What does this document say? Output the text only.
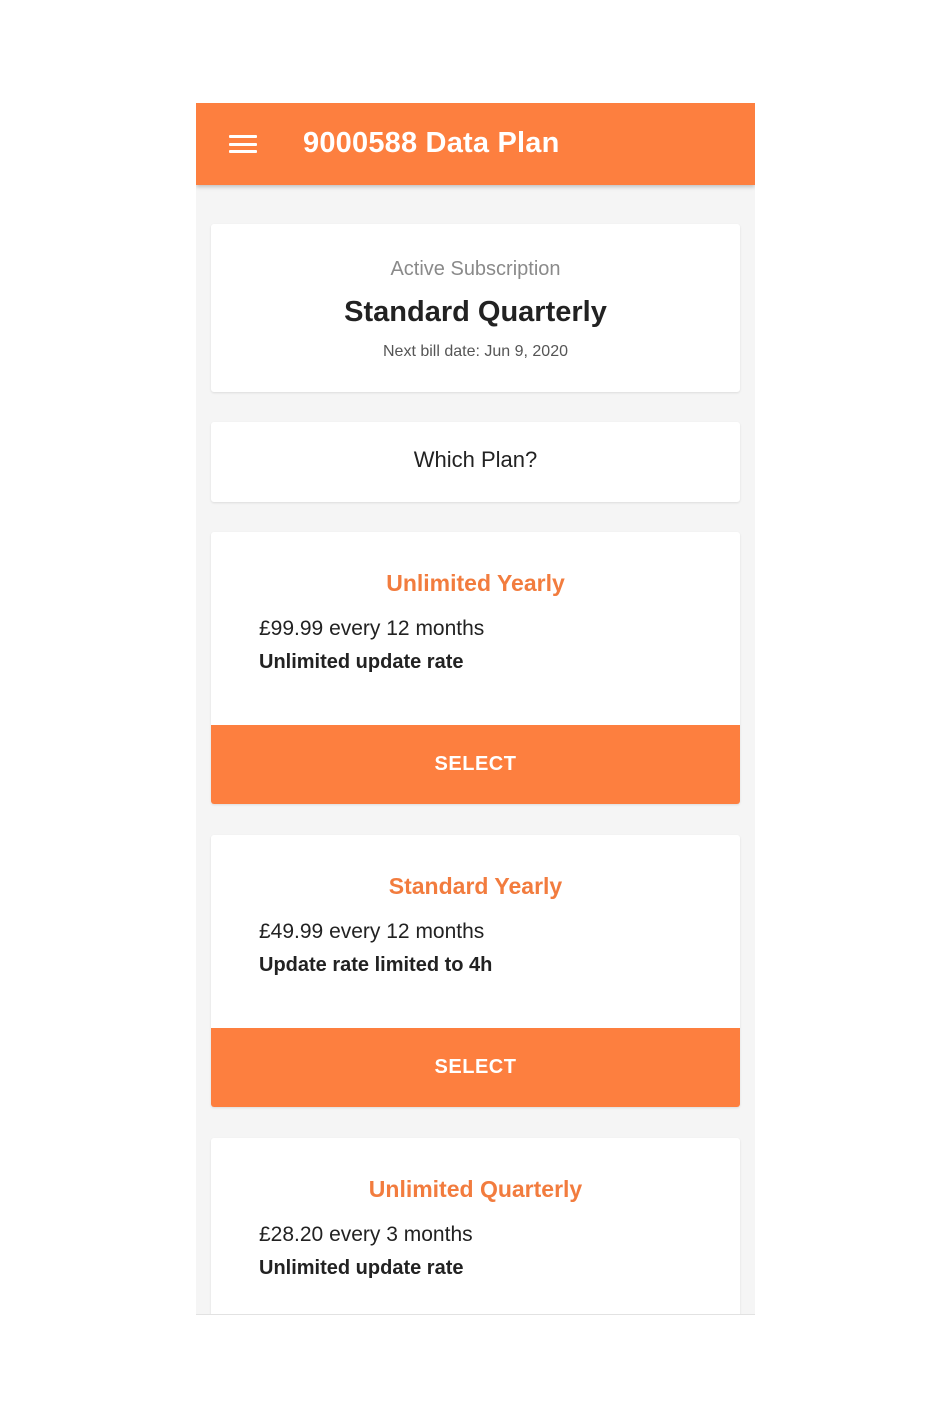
9000588 Data Plan
Active Subscription
Standard Quarterly
Next bill date: Jun 9, 2020
Which Plan?
Unlimited Yearly
£99.99 every 12 months
Unlimited update rate
SELECT
Standard Yearly
£49.99 every 12 months
Update rate limited to 4h
SELECT
Unlimited Quarterly
£28.20 every 3 months
Unlimited update rate
